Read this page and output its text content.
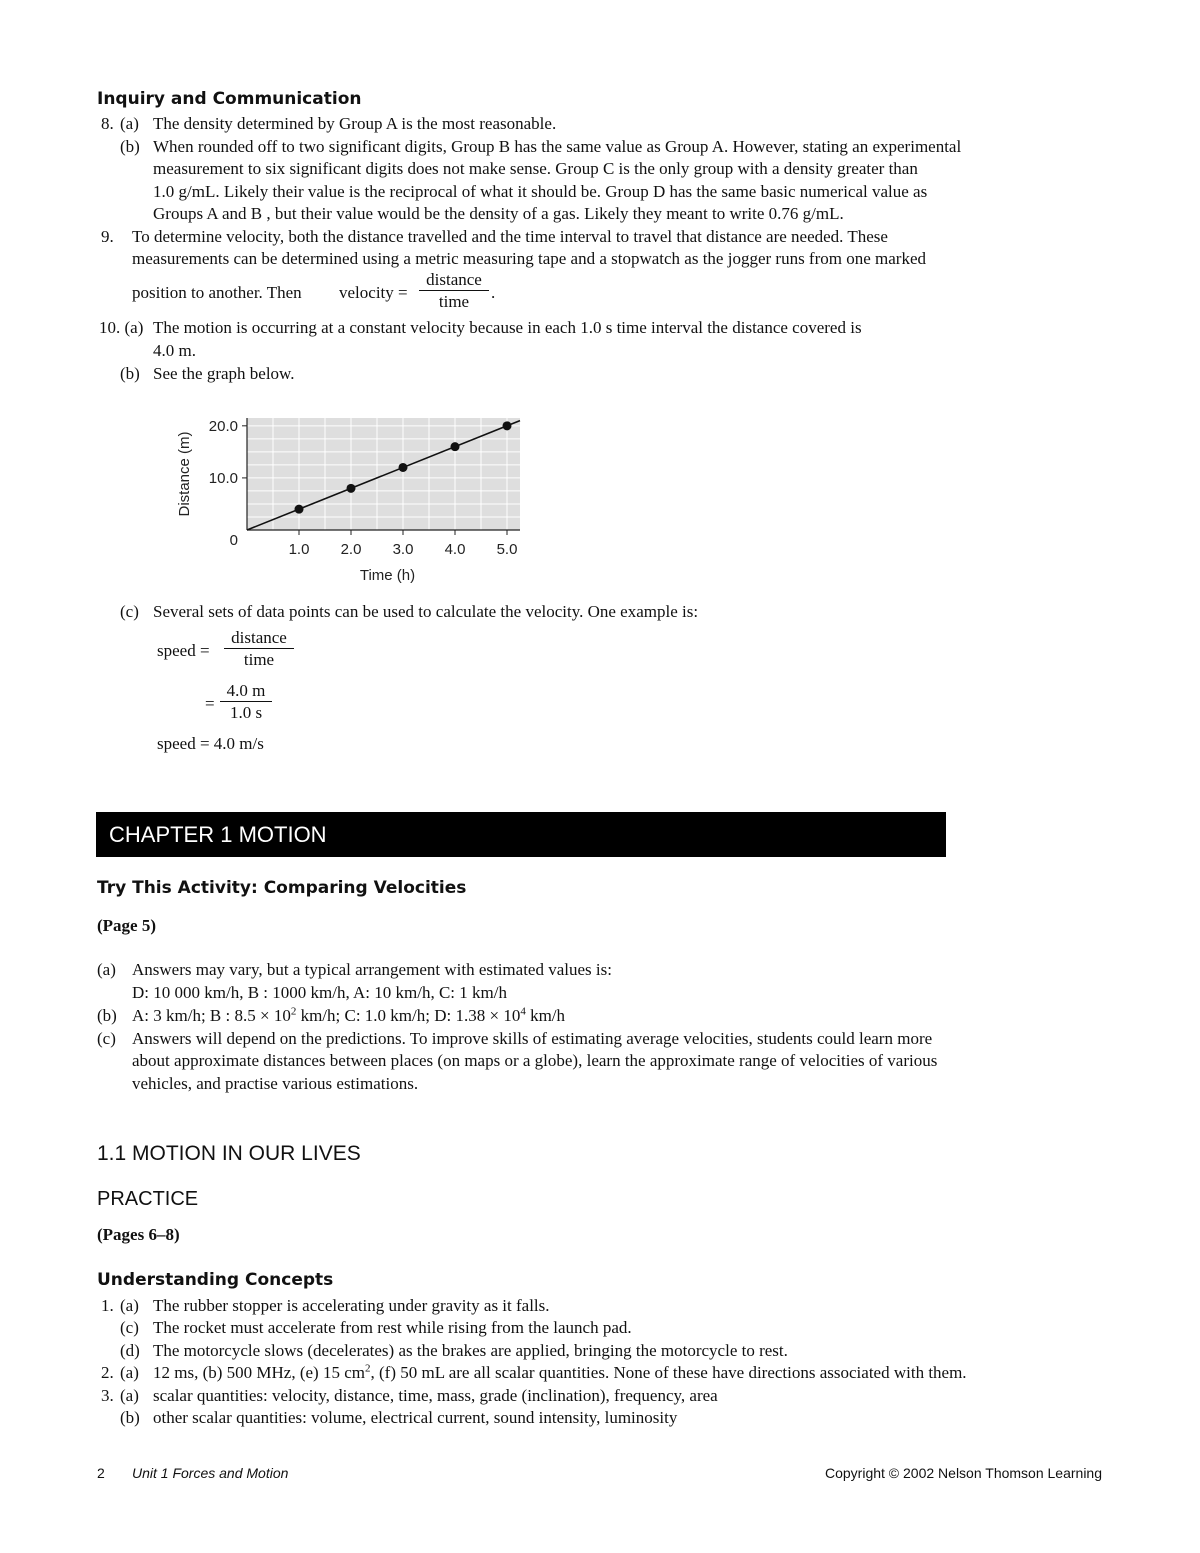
Inquiry and Communication
8. (a) The density determined by Group A is the most reasonable.
(b) When rounded off to two significant digits, Group B has the same value as Group A. However, stating an experimental
measurement to six significant digits does not make sense. Group C is the only group with a density greater than
1.0 g/mL. Likely their value is the reciprocal of what it should be. Group D has the same basic numerical value as
Groups A and B , but their value would be the density of a gas. Likely they meant to write 0.76 g/mL.
9. To determine velocity, both the distance travelled and the time interval to travel that distance are needed. These
measurements can be determined using a metric measuring tape and a stopwatch as the jogger runs from one marked
position to another. Then velocity =
distance
time	.
10. (a) The motion is occurring at a constant velocity because in each 1.0 s time interval the distance covered is
4.0 m.
(b) See the graph below.
1.0 2.0 3.0 4.0 5.0
10.0
20.0
0
Time (h)
Distance (m)
(c) Several sets of data points can be used to calculate the velocity. One example is:
speed =
distance
time
=
4.0 m
1.0 s
speed = 4.0 m/s
CHAPTER 1 MOTION
Try This Activity: Comparing Velocities
(Page 5)
(a) Answers may vary, but a typical arrangement with estimated values is:
D: 10 000 km/h, B : 1000 km/h, A: 10 km/h, C: 1 km/h
(b) A: 3 km/h; B : $8.5 \times 10^2$ km/h; C: 1.0 km/h; D: $1.38 \times 10^4$ km/h
(c) Answers will depend on the predictions. To improve skills of estimating average velocities, students could learn more
about approximate distances between places (on maps or a globe), learn the approximate range of velocities of various
vehicles, and practise various estimations.
1.1 MOTION IN OUR LIVES
PRACTICE
(Pages 6–8)
Understanding Concepts
1. (a) The rubber stopper is accelerating under gravity as it falls.
(c) The rocket must accelerate from rest while rising from the launch pad.
(d) The motorcycle slows (decelerates) as the brakes are applied, bringing the motorcycle to rest.
2. (a) 12 ms, (b) 500 MHz, (e) 15 $cm^2$, (f) 50 mL are all scalar quantities. None of these have directions associated with them.
3. (a) scalar quantities: velocity, distance, time, mass, grade (inclination), frequency, area
(b) other scalar quantities: volume, electrical current, sound intensity, luminosity
2 Unit 1 Forces and Motion	Copyright © 2002 Nelson Thomson Learning
